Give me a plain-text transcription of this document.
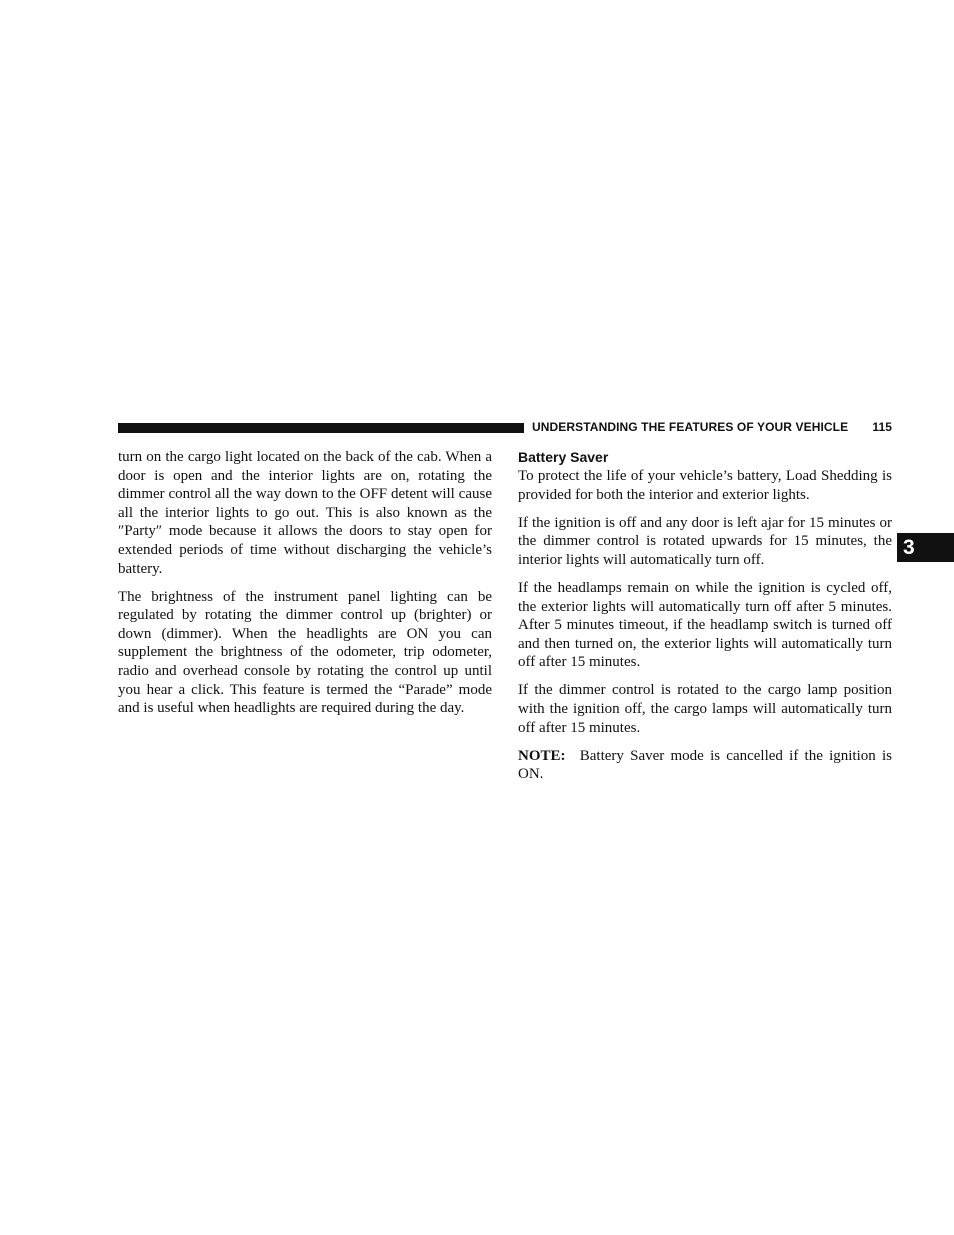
UNDERSTANDING THE FEATURES OF YOUR VEHICLE 115
3

turn on the cargo light located on the back of the cab. When a door is open and the interior lights are on, rotating the dimmer control all the way down to the OFF detent will cause all the interior lights to go out. This is also known as the ″Party″ mode because it allows the doors to stay open for extended periods of time without discharging the vehicle’s battery.

The brightness of the instrument panel lighting can be regulated by rotating the dimmer control up (brighter) or down (dimmer). When the headlights are ON you can supplement the brightness of the odometer, trip odometer, radio and overhead console by rotating the control up until you hear a click. This feature is termed the “Parade” mode and is useful when headlights are required during the day.

Battery Saver

To protect the life of your vehicle’s battery, Load Shedding is provided for both the interior and exterior lights.

If the ignition is off and any door is left ajar for 15 minutes or the dimmer control is rotated upwards for 15 minutes, the interior lights will automatically turn off.

If the headlamps remain on while the ignition is cycled off, the exterior lights will automatically turn off after 5 minutes. After 5 minutes timeout, if the headlamp switch is turned off and then turned on, the exterior lights will automatically turn off after 15 minutes.

If the dimmer control is rotated to the cargo lamp position with the ignition off, the cargo lamps will automatically turn off after 15 minutes.

NOTE: Battery Saver mode is cancelled if the ignition is ON.
